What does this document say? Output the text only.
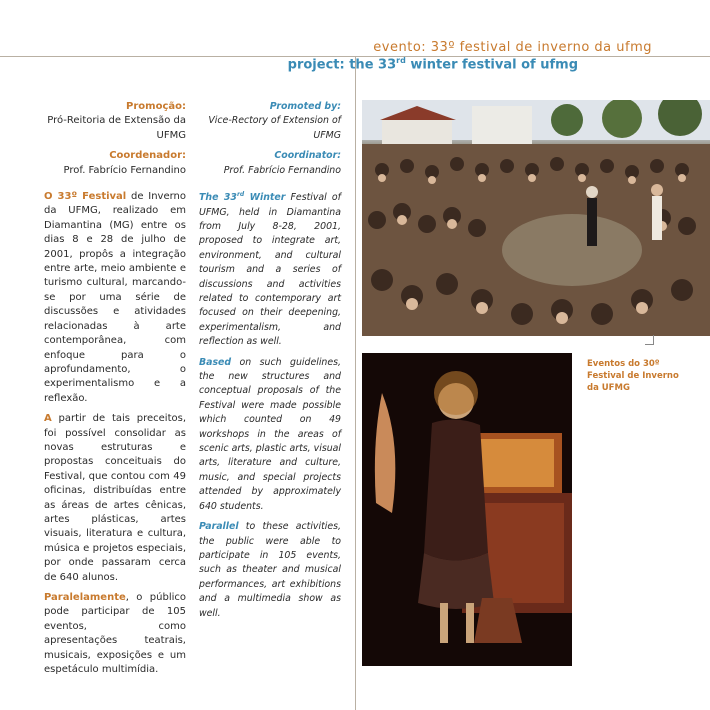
evento: 33º festival de inverno da ufmg
project: the 33rd winter festival of ufmg

Promoção:

Pró-Reitoria de Extensão da UFMG

Coordenador:

Prof. Fabrício Fernandino

O 33º Festival de Inverno da UFMG, realizado em Diamantina (MG) entre os dias 8 e 28 de julho de 2001, propôs a integração entre arte, meio ambiente e turismo cultural, marcando-se por uma série de discussões e atividades relacionadas à arte contemporânea, com enfoque para o aprofundamento, o experimentalismo e a reflexão.

A partir de tais preceitos, foi possível consolidar as novas estruturas e propostas conceituais do Festival, que contou com 49 oficinas, distribuídas entre as áreas de artes cênicas, artes plásticas, artes visuais, literatura e cultura, música e projetos especiais, por onde passaram cerca de 640 alunos.

Paralelamente, o público pode participar de 105 eventos, como apresentações teatrais, musicais, exposições e um espetáculo multimídia.

Promoted by:

Vice-Rectory of Extension of UFMG

Coordinator:

Prof. Fabrício Fernandino

The 33rd Winter Festival of UFMG, held in Diamantina from July 8-28, 2001, proposed to integrate art, environment, and cultural tourism and a series of discussions and activities related to contemporary art focused on their deepening, experimentalism, and reflection as well.

Based on such guidelines, the new structures and conceptual proposals of the Festival were made possible which counted on 49 workshops in the areas of scenic arts, plastic arts, visual arts, literature and culture, music, and special projects attended by approximately 640 students.

Parallel to these activities, the public were able to participate in 105 events, such as theater and musical performances, art exhibitions and a multimedia show as well.

Eventos do 30º Festival de Inverno da UFMG
